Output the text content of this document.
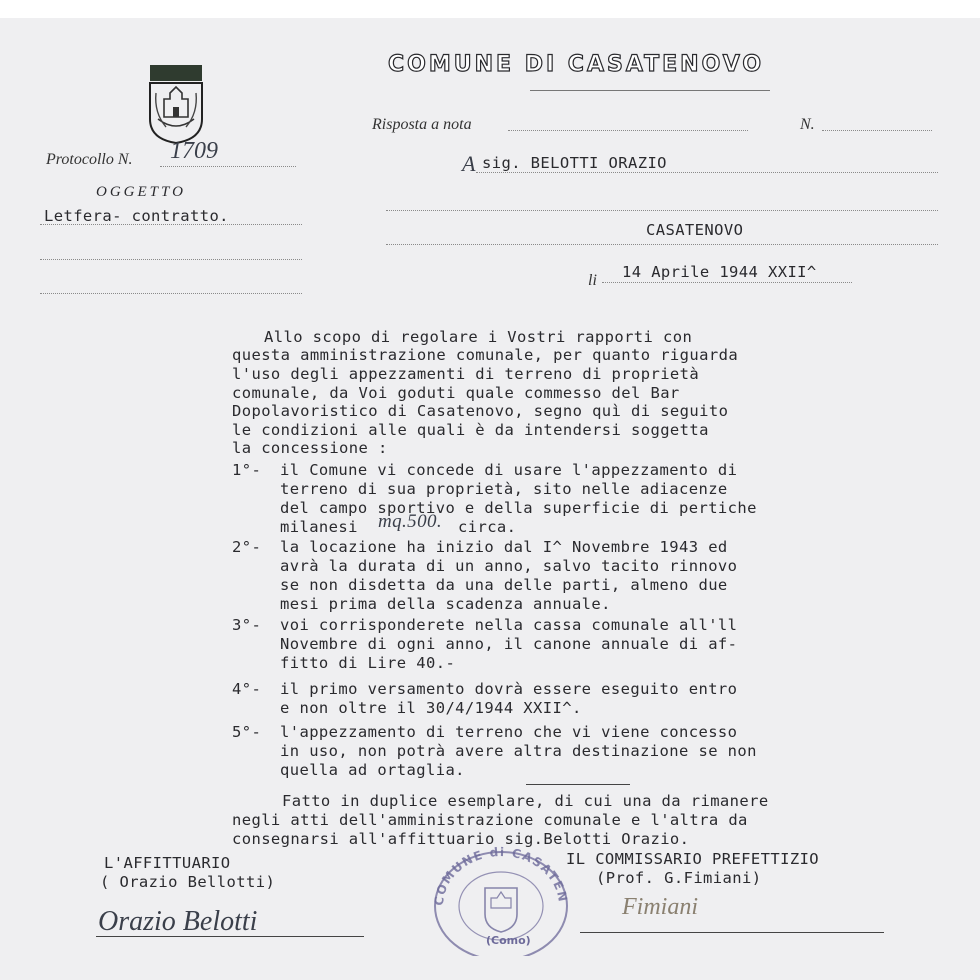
COMUNE DI CASATENOVO
Risposta a nota	N.
Protocollo N. 1709
OGGETTO
Letfera- contratto.
A sig. BELOTTI ORAZIO
CASATENOVO
li 14 Aprile 1944 XXII^
Allo scopo di regolare i Vostri rapporti con
questa amministrazione comunale, per quanto riguarda
l'uso degli appezzamenti di terreno di proprietà
comunale, da Voi goduti quale commesso del Bar
Dopolavoristico di Casatenovo, segno quì di seguito
le condizioni alle quali è da intendersi soggetta
la concessione :
1°- il Comune vi concede di usare l'appezzamento di
terreno di sua proprietà, sito nelle adiacenze
del campo sportivo e della superficie di pertiche
milanesi mq.500. circa.
2°- la locazione ha inizio dal I^ Novembre 1943 ed
avrà la durata di un anno, salvo tacito rinnovo
se non disdetta da una delle parti, almeno due
mesi prima della scadenza annuale.
3°- voi corrisponderete nella cassa comunale all'll
Novembre di ogni anno, il canone annuale di af-
fitto di Lire 40.-
4°- il primo versamento dovrà essere eseguito entro
e non oltre il 30/4/1944 XXII^.
5°- l'appezzamento di terreno che vi viene concesso
in uso, non potrà avere altra destinazione se non
quella ad ortaglia.
Fatto in duplice esemplare, di cui una da rimanere
negli atti dell'amministrazione comunale e l'altra da
consegnarsi all'affittuario sig.Belotti Orazio.
L'AFFITTUARIO
( Orazio Bellotti)
Orazio Belotti
IL COMMISSARIO PREFETTIZIO
(Prof. G.Fimiani)
Fimiani
COMUNE di CASATEN
(Como)
